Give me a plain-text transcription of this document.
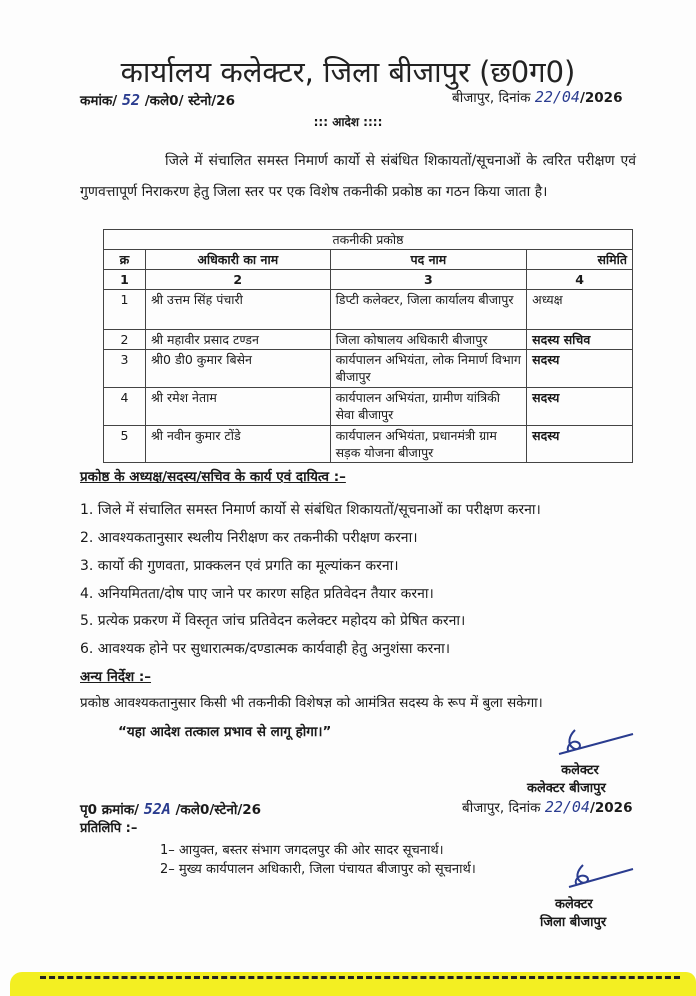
कार्यालय कलेक्टर, जिला बीजापुर (छ0ग0)
कमांक/ 52 /कले0/ स्टेनो/26	बीजापुर, दिनांक 22/04/2026
::: आदेश ::::
जिले में संचालित समस्त निमार्ण कार्यो से संबंधित शिकायतों/सूचनाओं के त्वरित परीक्षण एवं गुणवत्तापूर्ण निराकरण हेतु जिला स्तर पर एक विशेष तकनीकी प्रकोष्ठ का गठन किया जाता है।
तकनीकी प्रकोष्ठ			
क्र	अधिकारी का नाम	पद नाम	समिति
1	2	3	4
1	श्री उत्तम सिंह पंचारी	डिप्टी कलेक्टर, जिला कार्यालय बीजापुर	अध्यक्ष
2	श्री महावीर प्रसाद टण्डन	जिला कोषालय अधिकारी बीजापुर	सदस्य सचिव
3	श्री0 डी0 कुमार बिसेन	कार्यपालन अभियंता, लोक निमार्ण विभाग बीजापुर	सदस्य
4	श्री रमेश नेताम	कार्यपालन अभियंता, ग्रामीण यांत्रिकी सेवा बीजापुर	सदस्य
5	श्री नवीन कुमार टोंडे	कार्यपालन अभियंता, प्रधानमंत्री ग्राम सड़क योजना बीजापुर	सदस्य
प्रकोष्ठ के अध्यक्ष/सदस्य/सचिव के कार्य एवं दायित्व :–
1. जिले में संचालित समस्त निमार्ण कार्यो से संबंधित शिकायतों/सूचनाओं का परीक्षण करना।
2. आवश्यकतानुसार स्थलीय निरीक्षण कर तकनीकी परीक्षण करना।
3. कार्यो की गुणवता, प्राक्कलन एवं प्रगति का मूल्यांकन करना।
4. अनियमितता/दोष पाए जाने पर कारण सहित प्रतिवेदन तैयार करना।
5. प्रत्येक प्रकरण में विस्तृत जांच प्रतिवेदन कलेक्टर महोदय को प्रेषित करना।
6. आवश्यक होने पर सुधारात्मक/दण्डात्मक कार्यवाही हेतु अनुशंसा करना।
अन्य निर्देश :–
प्रकोष्ठ आवश्यकतानुसार किसी भी तकनीकी विशेषज्ञ को आमंत्रित सदस्य के रूप में बुला सकेगा।
“यहा आदेश तत्काल प्रभाव से लागू होगा।”
कलेक्टर
कलेक्टर बीजापुर
पृ0 क्रमांक/ 52A /कले0/स्टेनो/26	बीजापुर, दिनांक 22/04/2026
प्रतिलिपि :–
1– आयुक्त, बस्तर संभाग जगदलपुर की ओर सादर सूचनार्थ।
2– मुख्य कार्यपालन अधिकारी, जिला पंचायत बीजापुर को सूचनार्थ।
कलेक्टर
जिला बीजापुर
